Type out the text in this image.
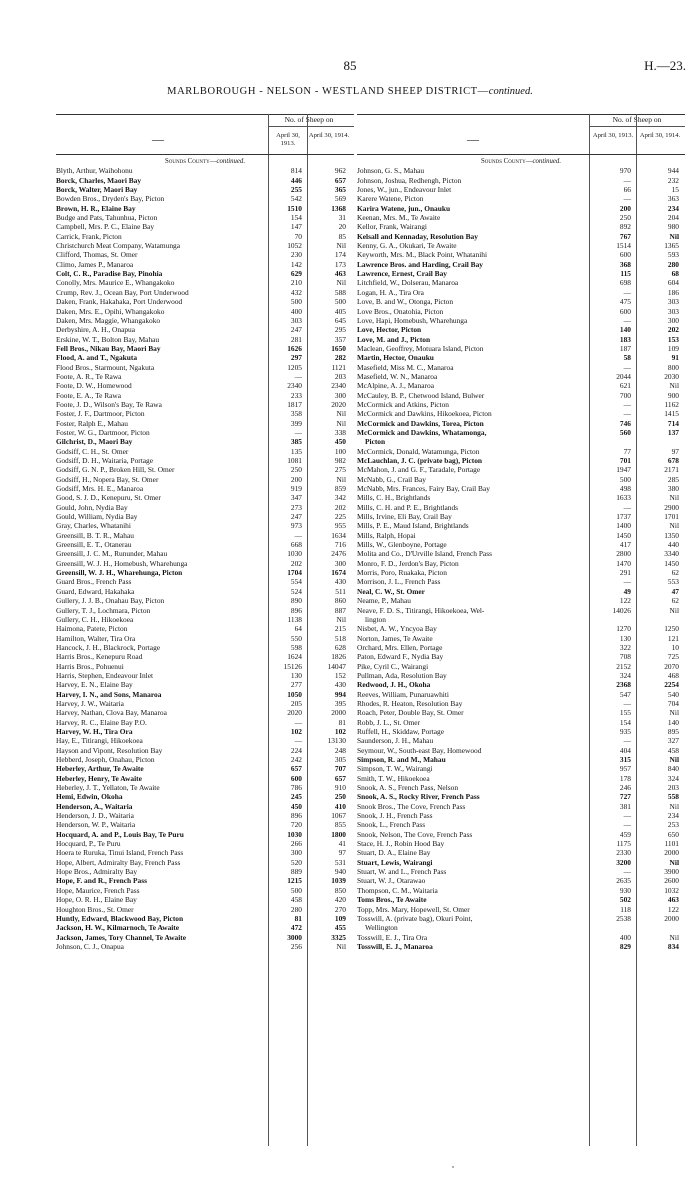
85	H.—23.
MARLBOROUGH - NELSON - WESTLAND SHEEP DISTRICT—continued.
—
No. of Sheep on
April 30, 1913.
April 30, 1914.
Sounds County—continued.
Blyth, Arthur, Waihohonu	814	962
Borck, Charles, Maori Bay	446	657
Borck, Walter, Maori Bay	255	365
Bowden Bros., Dryden's Bay, Picton	542	569
Brown, H. R., Elaine Bay	1510	1368
Budge and Pats, Tahunhua, Picton	154	31
Campbell, Mrs. P. C., Elaine Bay	147	20
Carrick, Frank, Picton	70	85
Christchurch Meat Company, Watamunga	1052	Nil
Clifford, Thomas, St. Omer	230	174
Climo, James P., Manaroa	142	173
Colt, C. R., Paradise Bay, Pinohia	629	463
Conolly, Mrs. Maurice E., Whangakoko	210	Nil
Crump, Rev. J., Ocean Bay, Port Underwood	432	588
Daken, Frank, Hakahaka, Port Underwood	500	500
Daken, Mrs. E., Opihi, Whangakoko	400	405
Daken, Mrs. Maggie, Whangakoko	303	645
Derbyshire, A. H., Onapua	247	295
Erskine, W. T., Bolton Bay, Mahau	281	357
Fell Bros., Nikau Bay, Maori Bay	1626	1650
Flood, A. and T., Ngakuta	297	282
Flood Bros., Starmount, Ngakuta	1205	1121
Foote, A. R., Te Rawa	—	203
Foote, D. W., Homewood	2340	2340
Foote, E. A., Te Rawa	233	300
Foote, J. D., Wilson's Bay, Te Rawa	1817	2020
Foster, J. F., Dartmoor, Picton	358	Nil
Foster, Ralph E., Mahau	399	Nil
Foster, W. G., Dartmoor, Picton	—	338
Gilchrist, D., Maori Bay	385	450
Godsiff, C. H., St. Omer	135	100
Godsiff, D. H., Waitaria, Portage	1081	982
Godsiff, G. N. P., Broken Hill, St. Omer	250	275
Godsiff, H., Nopera Bay, St. Omer	200	Nil
Godsiff, Mrs. H. E., Manaroa	919	859
Good, S. J. D., Kenepuru, St. Omer	347	342
Gould, John, Nydia Bay	273	202
Gould, William, Nydia Bay	247	225
Gray, Charles, Whatanihi	973	955
Greensill, B. T. R., Mahau	—	1634
Greensill, E. T., Otanerau	668	716
Greensill, J. C. M., Rununder, Mahau	1030	2476
Greensill, W. J. H., Homebush, Wharehunga	202	300
Greensill, W. J. H., Wharehunga, Picton	1704	1674
Guard Bros., French Pass	554	430
Guard, Edward, Hakahaka	524	511
Gullery, J. J. B., Onahau Bay, Picton	890	860
Gullery, T. J., Lochmara, Picton	896	887
Gullery, C. H., Hikoekoea	1138	Nil
Haimona, Patete, Picton	64	215
Hamilton, Walter, Tira Ora	550	518
Hancock, J. H., Blackrock, Portage	598	628
Harris Bros., Kenepuru Road	1624	1826
Harris Bros., Pohuenui	15126	14047
Harris, Stephen, Endeavour Inlet	130	152
Harvey, E. N., Elaine Bay	277	430
Harvey, I. N., and Sons, Manaroa	1050	994
Harvey, J. W., Waitaria	205	395
Harvey, Nathan, Clova Bay, Manaroa	2020	2000
Harvey, R. C., Elaine Bay P.O.	—	81
Harvey, W. H., Tira Ora	102	102
Hay, E., Titirangi, Hikoekoea	—	13130
Hayson and Vipont, Resolution Bay	224	248
Hebberd, Joseph, Onahau, Picton	242	305
Heberley, Arthur, Te Awaite	657	707
Heberley, Henry, Te Awaite	600	657
Heberley, J. T., Yellaton, Te Awaite	786	910
Hemi, Edwin, Okoha	245	250
Henderson, A., Waitaria	450	410
Henderson, J. D., Waitaria	896	1067
Henderson, W. P., Waitaria	720	855
Hocquard, A. and P., Louis Bay, Te Puru	1030	1800
Hocquard, P., Te Puru	266	41
Hoera te Ruruka, Tinui Island, French Pass	300	97
Hope, Albert, Admiralty Bay, French Pass	520	531
Hope Bros., Admiralty Bay	889	940
Hope, F. and R., French Pass	1215	1039
Hope, Maurice, French Pass	500	850
Hope, O. R. H., Elaine Bay	458	420
Houghton Bros., St. Omer	280	270
Huntly, Edward, Blackwood Bay, Picton	81	109
Jackson, H. W., Kilmarnoch, Te Awaite	472	455
Jackson, James, Tory Channel, Te Awaite	3000	3325
Johnson, C. J., Onapua	256	Nil
—
No. of Sheep on
April 30, 1913.	April 30, 1914.
Sounds County—continued.
Johnson, G. S., Mahau	970	944
Johnson, Joshua, Redhengh, Picton	—	232
Jones, W., jun., Endeavour Inlet	66	15
Karere Watene, Picton	—	363
Karira Watene, jun., Onauku	200	234
Keenan, Mrs. M., Te Awaite	250	204
Kellor, Frank, Wairangi	892	980
Kelsall and Kennaday, Resolution Bay	767	Nil
Kenny, G. A., Okukari, Te Awaite	1514	1365
Keyworth, Mrs. M., Black Point, Whatanihi	600	593
Lawrence Bros. and Harding, Crail Bay	368	280
Lawrence, Ernest, Crail Bay	115	68
Litchfield, W., Dolserau, Manaroa	698	604
Logan, H. A., Tira Ora	—	186
Love, B. and W., Otonga, Picton	475	303
Love Bros., Onatohia, Picton	600	303
Love, Hapi, Homebush, Wharehunga	—	300
Love, Hector, Picton	140	202
Love, M. and J., Picton	183	153
Maclean, Geoffrey, Motuara Island, Picton	187	109
Martin, Hector, Onauku	58	91
Masefield, Miss M. C., Manaroa	—	800
Masefield, W. N., Manaroa	2044	2030
McAlpine, A. J., Manaroa	621	Nil
McCauley, B. P., Chetwood Island, Bulwer	700	900
McCormick and Atkins, Picton	—	1162
McCormick and Dawkins, Hikoekoea, Picton	—	1415
McCormick and Dawkins, Torea, Picton	746	714
McCormick and Dawkins, Whatamonga,	560	137
Picton
McCormick, Donald, Watamunga, Picton	77	97
McLauchlan, J. C. (private bag), Picton	701	678
McMahon, J. and G. F., Taradale, Portage	1947	2171
McNabb, G., Crail Bay	500	285
McNabb, Mrs. Frances, Fairy Bay, Crail Bay	498	380
Mills, C. H., Brightlands	1633	Nil
Mills, C. H. and P. E., Brightlands	—	2900
Mills, Irvine, Eli Bay, Crail Bay	1737	1701
Mills, P. E., Maud Island, Brightlands	1400	Nil
Mills, Ralph, Hopai	1450	1350
Mills, W., Glenboyne, Portage	417	440
Molita and Co., D'Urville Island, French Pass	2800	3340
Monro, F. D., Jerdon's Bay, Picton	1470	1450
Morris, Poro, Ruakaka, Picton	291	62
Morrison, J. L., French Pass	—	553
Neal, C. W., St. Omer	49	47
Neame, P., Mahau	122	62
Neave, F. D. S., Titirangi, Hikoekoea, Wel-	14026	Nil
lington
Nisbet, A. W., Yncyoa Bay	1270	1250
Norton, James, Te Awaite	130	121
Orchard, Mrs. Ellen, Portage	322	10
Paton, Edward F., Nydia Bay	708	725
Pike, Cyril C., Wairangi	2152	2070
Pullman, Ada, Resolution Bay	324	468
Redwood, J. H., Okoha	2368	2254
Reeves, William, Punaruawhiti	547	540
Rhodes, R. Heaton, Resolution Bay	—	704
Roach, Peter, Double Bay, St. Omer	155	Nil
Robb, J. L., St. Omer	154	140
Ruffell, H., Skiddaw, Portage	935	895
Saunderson, J. H., Mahau	—	327
Seymour, W., South-east Bay, Homewood	404	458
Simpson, R. and M., Mahau	315	Nil
Simpson, T. W., Wairangi	957	840
Smith, T. W., Hikoekoea	178	324
Snook, A. S., French Pass, Nelson	246	203
Snook, A. S., Rocky River, French Pass	727	558
Snook Bros., The Cove, French Pass	381	Nil
Snook, J. H., French Pass	—	234
Snook, L., French Pass	—	253
Snook, Nelson, The Cove, French Pass	459	650
Stace, H. J., Robin Hood Bay	1175	1101
Stuart, D. A., Elaine Bay	2330	2000
Stuart, Lewis, Wairangi	3200	Nil
Stuart, W. and L., French Pass	—	3900
Stuart, W. J., Otarawao	2635	2600
Thompson, C. M., Waitaria	930	1032
Toms Bros., Te Awaite	502	463
Topp, Mrs. Mary, Hopewell, St. Omer	118	122
Tosswill, A. (private bag), Okuri Point,	2538	2000
Wellington
Tosswill, E. J., Tira Ora	400	Nil
Tosswill, E. J., Manaroa	829	834
